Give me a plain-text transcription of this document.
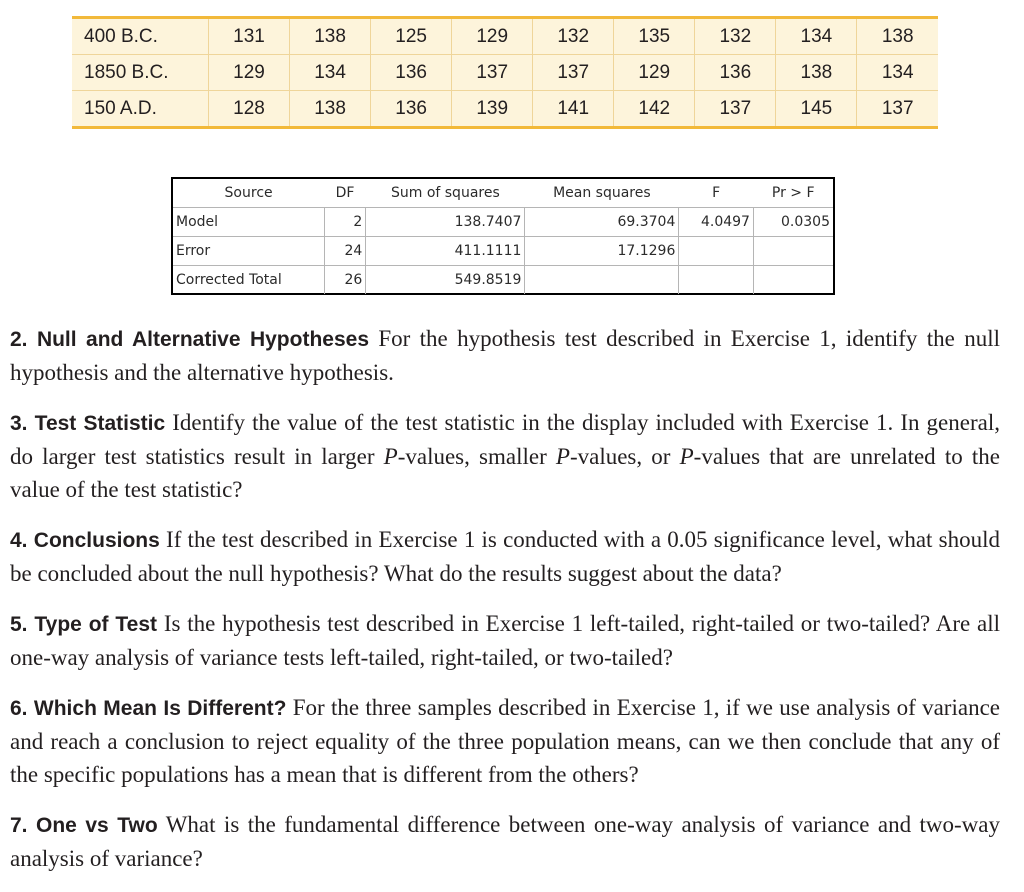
400 B.C.	131	138	125	129	132	135	132	134	138
1850 B.C.	129	134	136	137	137	129	136	138	134
150 A.D.	128	138	136	139	141	142	137	145	137
Source	DF	Sum of squares	Mean squares	F	Pr > F
Model	2	138.7407	69.3704	4.0497	0.0305
Error	24	411.1111	17.1296		
Corrected Total	26	549.8519			

2. Null and Alternative Hypotheses For the hypothesis test described in Exercise 1, identify the null hypothesis and the alternative hypothesis.

3. Test Statistic Identify the value of the test statistic in the display included with Exercise 1. In general, do larger test statistics result in larger P-values, smaller P-values, or P-values that are unrelated to the value of the test statistic?

4. Conclusions If the test described in Exercise 1 is conducted with a 0.05 significance level, what should be concluded about the null hypothesis? What do the results suggest about the data?

5. Type of Test Is the hypothesis test described in Exercise 1 left-tailed, right-tailed or two-tailed? Are all one-way analysis of variance tests left-tailed, right-tailed, or two-tailed?

6. Which Mean Is Different? For the three samples described in Exercise 1, if we use analysis of variance and reach a conclusion to reject equality of the three population means, can we then conclude that any of the specific populations has a mean that is different from the others?

7. One vs Two What is the fundamental difference between one-way analysis of variance and two-way analysis of variance?
